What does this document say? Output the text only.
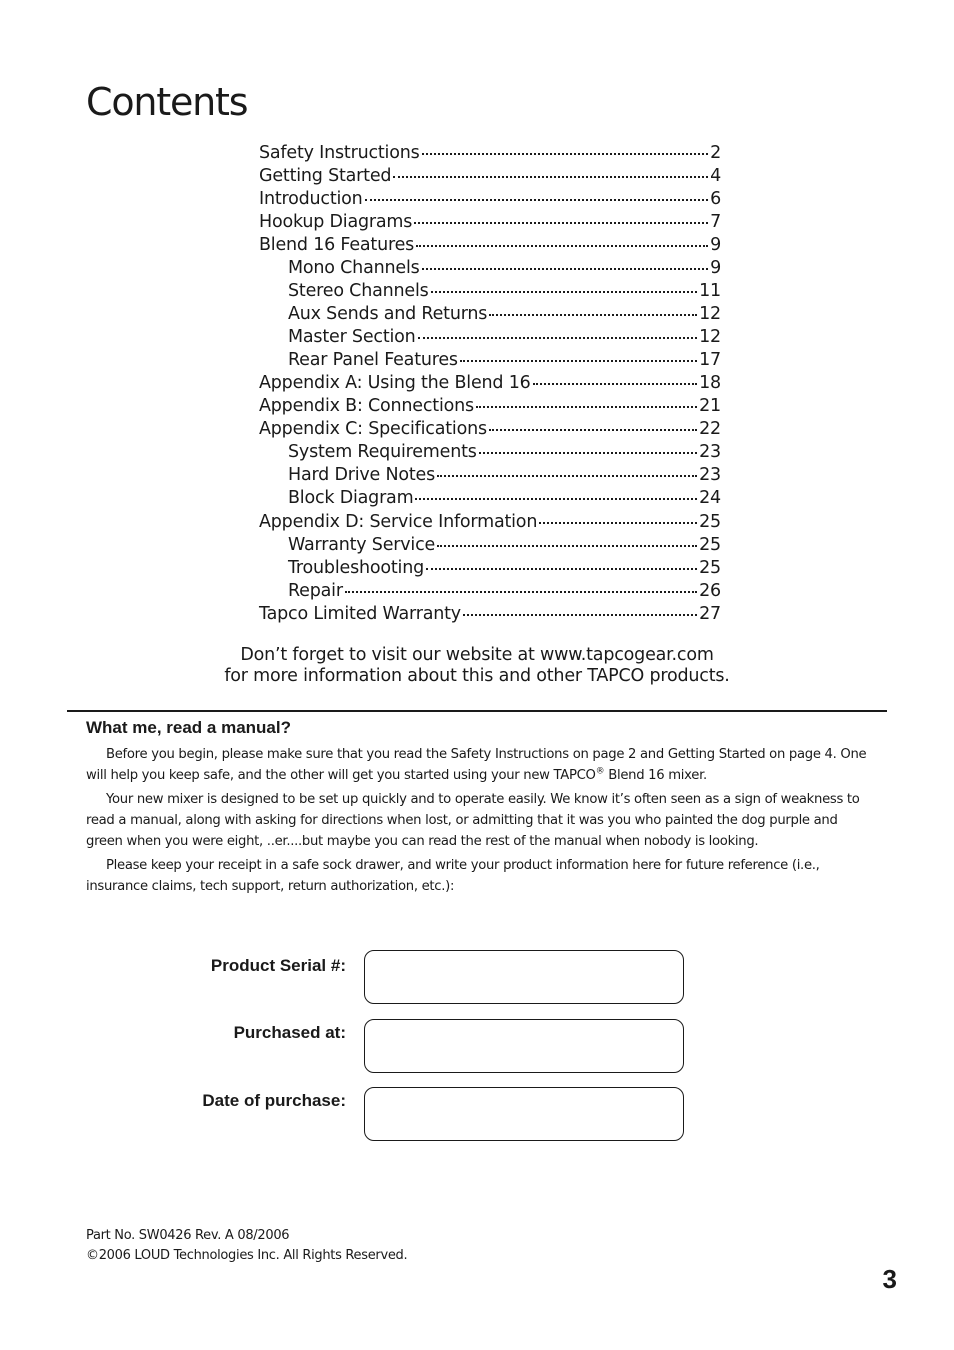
Contents
Safety Instructions	2
Getting Started	4
Introduction	6
Hookup Diagrams	7
Blend 16 Features	9
Mono Channels	9
Stereo Channels	11
Aux Sends and Returns	12
Master Section	12
Rear Panel Features	17
Appendix A: Using the Blend 16	18
Appendix B: Connections	21
Appendix C: Specifications	22
System Requirements	23
Hard Drive Notes	23
Block Diagram	24
Appendix D: Service Information	25
Warranty Service	25
Troubleshooting	25
Repair	26
Tapco Limited Warranty	27
Don’t forget to visit our website at www.tapcogear.com
for more information about this and other TAPCO products.
What me, read a manual?

Before you begin, please make sure that you read the Safety Instructions on page 2 and Getting Started on page 4. One will help you keep safe, and the other will get you started using your new TAPCO® Blend 16 mixer.

Your new mixer is designed to be set up quickly and to operate easily. We know it’s often seen as a sign of weakness to read a manual, along with asking for directions when lost, or admitting that it was you who painted the dog purple and green when you were eight, ..er....but maybe you can read the rest of the manual when nobody is looking.

Please keep your receipt in a safe sock drawer, and write your product information here for future reference (i.e., insurance claims, tech support, return authorization, etc.):

Product Serial #:
Purchased at:
Date of purchase:
Part No. SW0426 Rev. A 08/2006
©2006 LOUD Technologies Inc. All Rights Reserved.
3
